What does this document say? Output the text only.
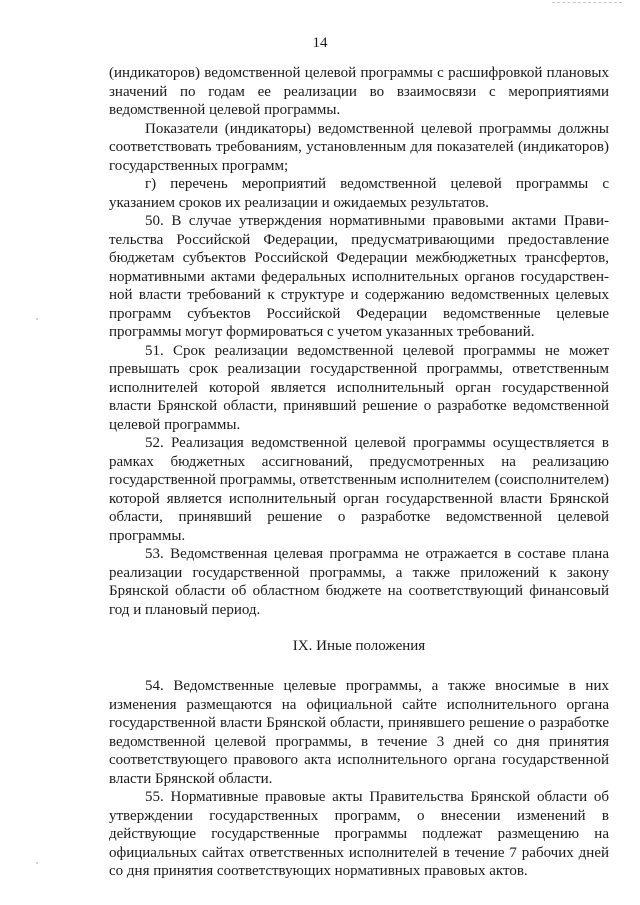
14

(индикаторов) ведомственной целевой программы с расшифровкой плановых значений по годам ее реализации во взаимосвязи с мероприятиями ведомственной целевой программы.

Показатели (индикаторы) ведомственной целевой программы должны соответствовать требованиям, установленным для показателей (индикаторов) государственных программ;

г) перечень мероприятий ведомственной целевой программы с указанием сроков их реализации и ожидаемых результатов.

50. В случае утверждения нормативными правовыми актами Правительства Российской Федерации, предусматривающими предоставление бюджетам субъектов Российской Федерации межбюджетных трансфертов, нормативными актами федеральных исполнительных органов государственной власти требований к структуре и содержанию ведомственных целевых программ субъектов Российской Федерации ведомственные целевые программы могут формироваться с учетом указанных требований.

51. Срок реализации ведомственной целевой программы не может превышать срок реализации государственной программы, ответственным исполнителей которой является исполнительный орган государственной власти Брянской области, принявший решение о разработке ведомственной целевой программы.

52. Реализация ведомственной целевой программы осуществляется в рамках бюджетных ассигнований, предусмотренных на реализацию государственной программы, ответственным исполнителем (соисполнителем) которой является исполнительный орган государственной власти Брянской области, принявший решение о разработке ведомственной целевой программы.

53. Ведомственная целевая программа не отражается в составе плана реализации государственной программы, а также приложений к закону Брянской области об областном бюджете на соответствующий финансовый год и плановый период.

IX. Иные положения

54. Ведомственные целевые программы, а также вносимые в них изменения размещаются на официальной сайте исполнительного органа государственной власти Брянской области, принявшего решение о разработке ведомственной целевой программы, в течение 3 дней со дня принятия соответствующего правового акта исполнительного органа государственной власти Брянской области.

55. Нормативные правовые акты Правительства Брянской области об утверждении государственных программ, о внесении изменений в действующие государственные программы подлежат размещению на официальных сайтах ответственных исполнителей в течение 7 рабочих дней со дня принятия соответствующих нормативных правовых актов.
